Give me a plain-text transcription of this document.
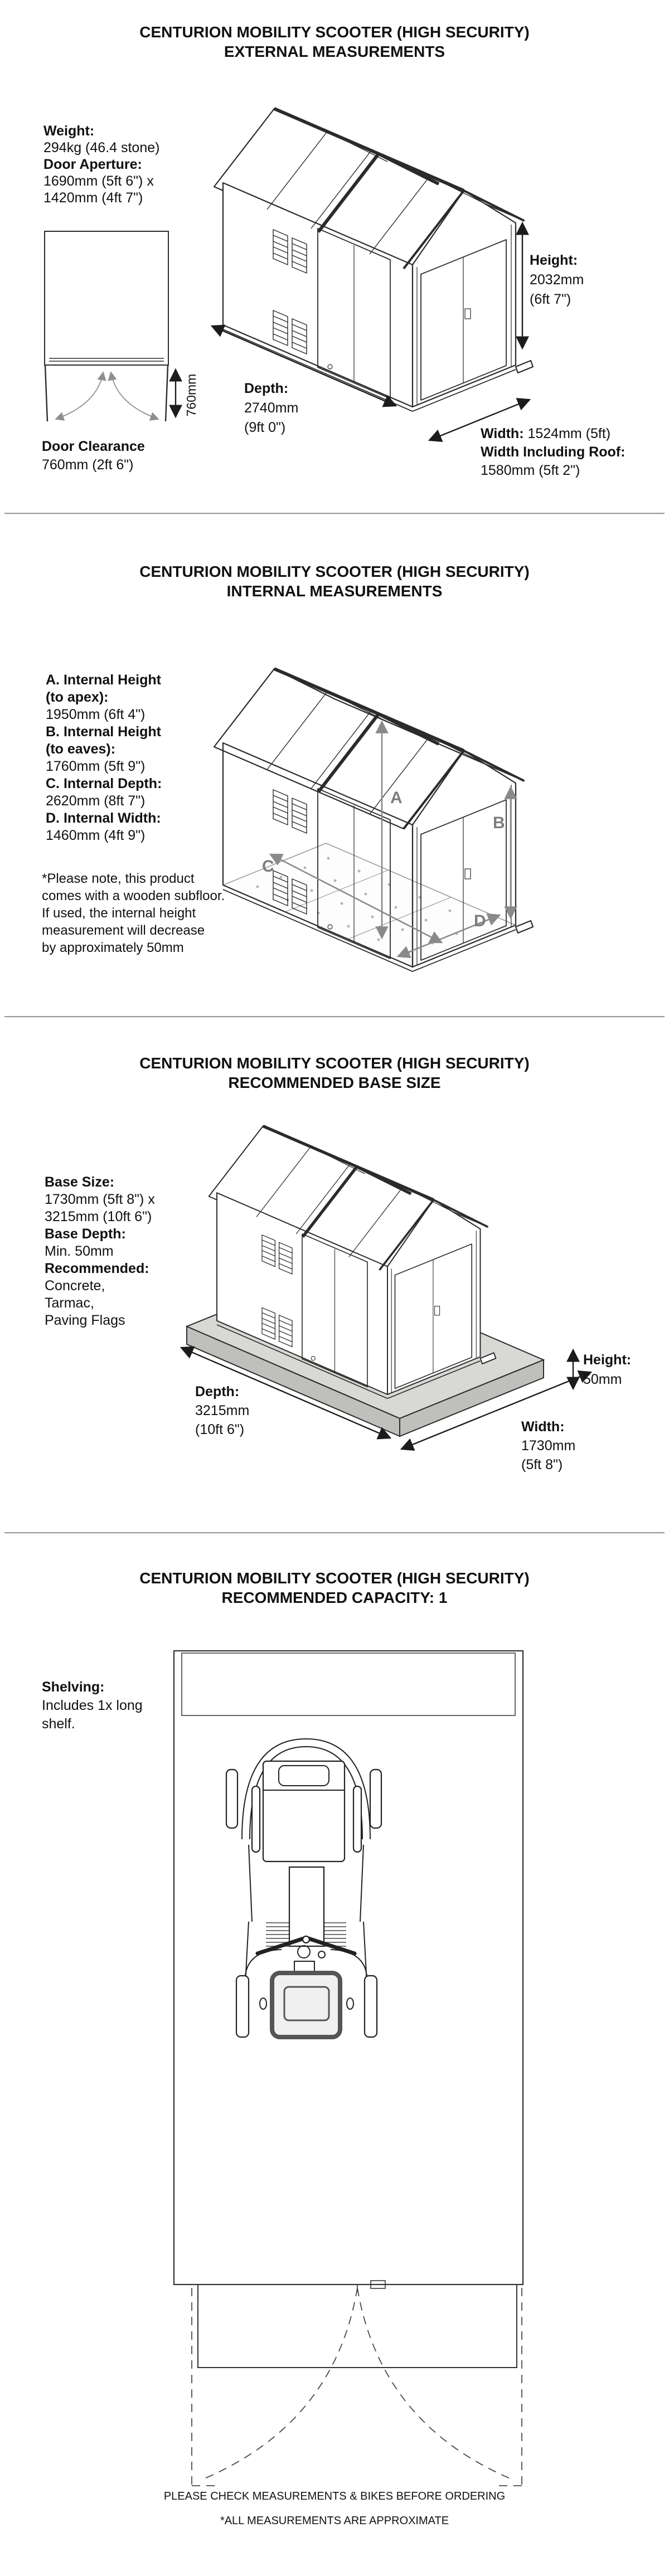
CENTURION MOBILITY SCOOTER (HIGH SECURITY)
EXTERNAL MEASUREMENTS
Weight:
294kg (46.4 stone)
Door Aperture:
1690mm (5ft 6") x
1420mm (4ft 7")
760mm
Door Clearance
760mm (2ft 6")
Height:
2032mm
(6ft 7")
Depth:
2740mm
(9ft 0")	Width: 1524mm (5ft)
Width Including Roof:
1580mm (5ft 2")
CENTURION MOBILITY SCOOTER (HIGH SECURITY)
INTERNAL MEASUREMENTS
A. Internal Height
(to apex):
1950mm (6ft 4")
B. Internal Height
(to eaves):
1760mm (5ft 9")
C. Internal Depth:
2620mm (8ft 7")
D. Internal Width:
1460mm (4ft 9")
*Please note, this product
comes with a wooden subfloor.
If used, the internal height
measurement will decrease
by approximately 50mm
A
B
C
D
CENTURION MOBILITY SCOOTER (HIGH SECURITY)
RECOMMENDED BASE SIZE
Base Size:
1730mm (5ft 8") x
3215mm (10ft 6")
Base Depth:
Min. 50mm
Recommended:
Concrete,
Tarmac,
Paving Flags
Height:
50mm
Depth:
3215mm
(10ft 6")	Width:
1730mm
(5ft 8")
CENTURION MOBILITY SCOOTER (HIGH SECURITY)
RECOMMENDED CAPACITY: 1
Shelving:
Includes 1x long
shelf.
PLEASE CHECK MEASUREMENTS & BIKES BEFORE ORDERING
*ALL MEASUREMENTS ARE APPROXIMATE
